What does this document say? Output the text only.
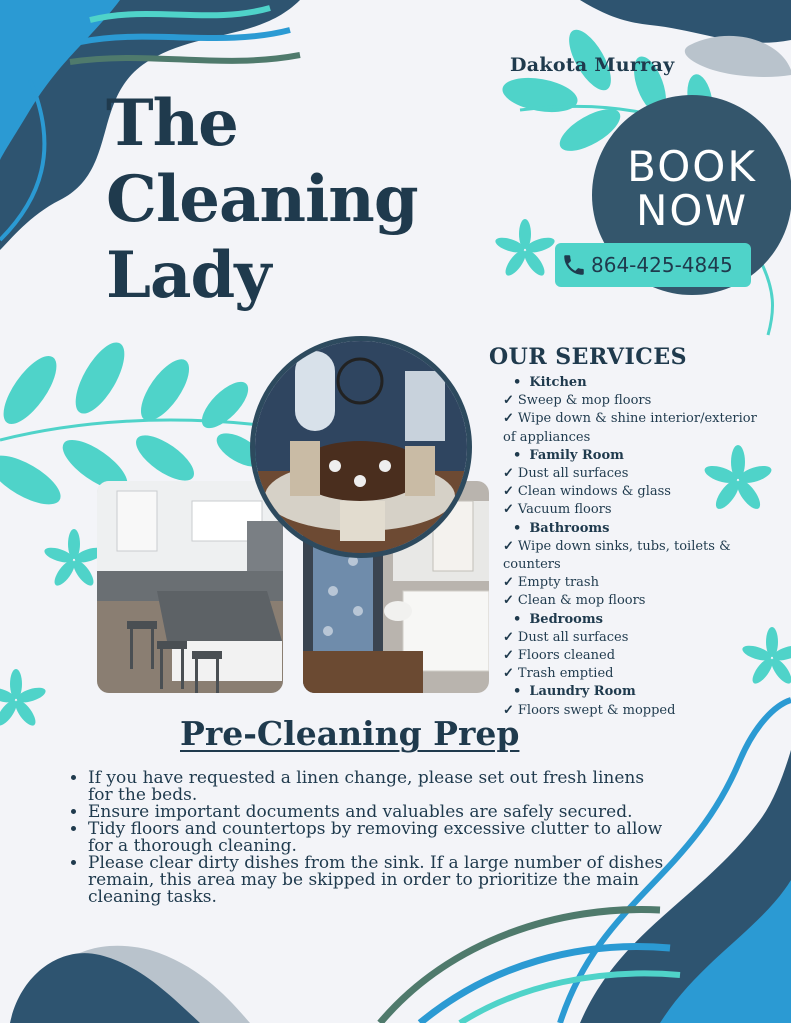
Dakota Murray
The
Cleaning
Lady
BOOK
NOW
864-425-4845
OUR SERVICES
• Kitchen
✓ Sweep & mop floors
✓ Wipe down & shine interior/exterior of appliances
• Family Room
✓ Dust all surfaces
✓ Clean windows & glass
✓ Vacuum floors
• Bathrooms
✓ Wipe down sinks, tubs, toilets & counters
✓ Empty trash
✓ Clean & mop floors
• Bedrooms
✓ Dust all surfaces
✓ Floors cleaned
✓ Trash emptied
• Laundry Room
✓ Floors swept & mopped
Pre-Cleaning Prep
• If you have requested a linen change, please set out fresh linens for the beds.
• Ensure important documents and valuables are safely secured.
• Tidy floors and countertops by removing excessive clutter to allow for a thorough cleaning.
• Please clear dirty dishes from the sink. If a large number of dishes remain, this area may be skipped in order to prioritize the main cleaning tasks.
